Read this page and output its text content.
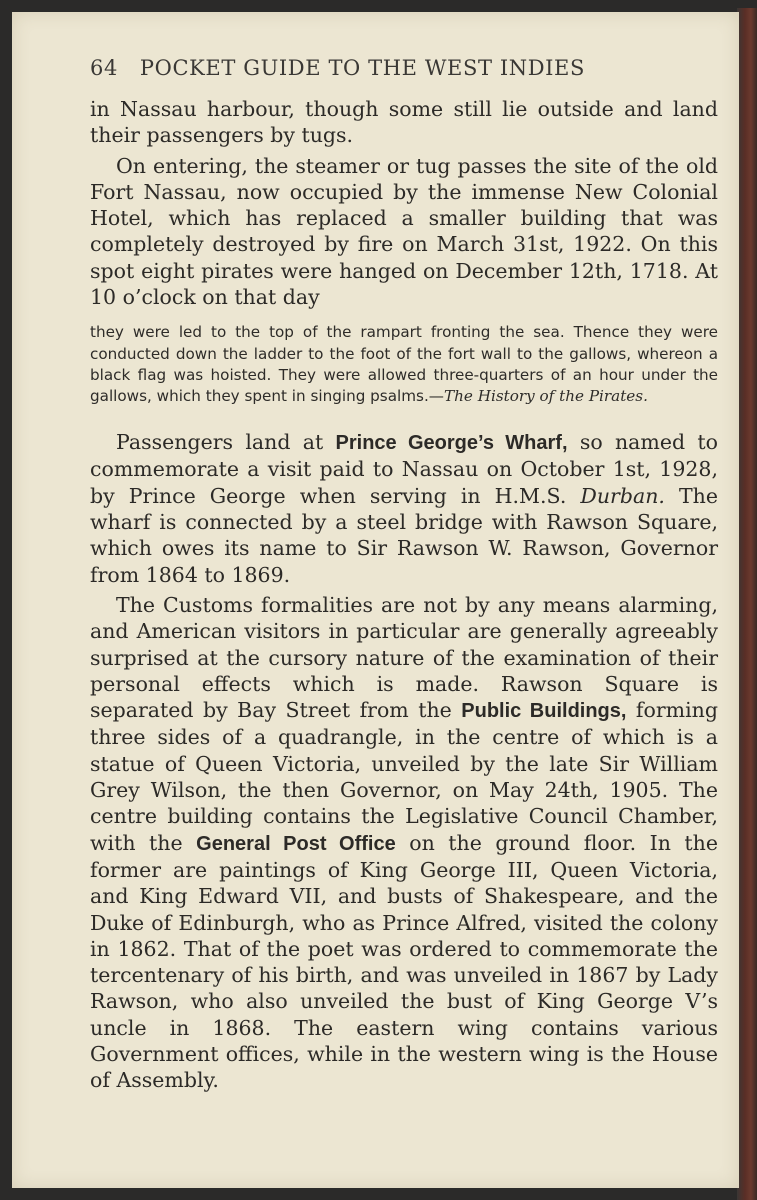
64 POCKET GUIDE TO THE WEST INDIES

in Nassau harbour, though some still lie outside and land their passengers by tugs.

On entering, the steamer or tug passes the site of the old Fort Nassau, now occupied by the immense New Colonial Hotel, which has replaced a smaller building that was completely destroyed by fire on March 31st, 1922. On this spot eight pirates were hanged on December 12th, 1718. At 10 o’clock on that day

they were led to the top of the rampart fronting the sea. Thence they were conducted down the ladder to the foot of the fort wall to the gallows, whereon a black flag was hoisted. They were allowed three-quarters of an hour under the gallows, which they spent in singing psalms.—The History of the Pirates.

Passengers land at Prince George’s Wharf, so named to commemorate a visit paid to Nassau on October 1st, 1928, by Prince George when serving in H.M.S. Durban. The wharf is connected by a steel bridge with Rawson Square, which owes its name to Sir Rawson W. Rawson, Governor from 1864 to 1869.

The Customs formalities are not by any means alarming, and American visitors in particular are generally agreeably surprised at the cursory nature of the examination of their personal effects which is made. Rawson Square is separated by Bay Street from the Public Buildings, forming three sides of a quadrangle, in the centre of which is a statue of Queen Victoria, unveiled by the late Sir William Grey Wilson, the then Governor, on May 24th, 1905. The centre building contains the Legislative Council Chamber, with the General Post Office on the ground floor. In the former are paintings of King George III, Queen Victoria, and King Edward VII, and busts of Shakespeare, and the Duke of Edinburgh, who as Prince Alfred, visited the colony in 1862. That of the poet was ordered to commemorate the tercentenary of his birth, and was unveiled in 1867 by Lady Rawson, who also unveiled the bust of King George V’s uncle in 1868. The eastern wing contains various Government offices, while in the western wing is the House of Assembly.
